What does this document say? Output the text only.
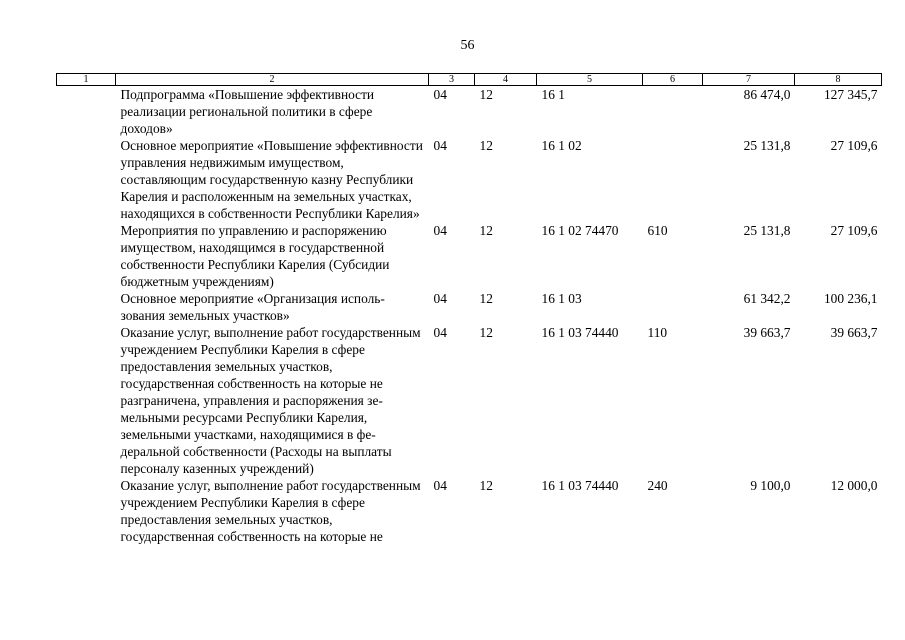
56
1	2	3	4	5	6	7	8
	Подпрограмма «Повышение эффективности реализации региональной политики в сфере доходов»	04	12	16 1		86 474,0	127 345,7
	Основное мероприятие «Повышение эффективности управления недвижимым имуществом, составляющим государственную казну Республики Карелия и расположенным на земельных участках, находящихся в собственности Республики Карелия»	04	12	16 1 02		25 131,8	27 109,6
	Мероприятия по управлению и распоряжению имуществом, находящимся в государственной собственности Республики Карелия (Субсидии бюджетным учреждениям)	04	12	16 1 02 74470	610	25 131,8	27 109,6
	Основное мероприятие «Организация использования земельных участков»	04	12	16 1 03		61 342,2	100 236,1
	Оказание услуг, выполнение работ государственным учреждением Республики Карелия в сфере предоставления земельных участков, государственная собственность на которые не разграничена, управления и распоряжения земельными ресурсами Республики Карелия, земельными участками, находящимися в федеральной собственности (Расходы на выплаты персоналу казенных учреждений)	04	12	16 1 03 74440	110	39 663,7	39 663,7
	Оказание услуг, выполнение работ государственным учреждением Республики Карелия в сфере предоставления земельных участков, государственная собственность на которые не	04	12	16 1 03 74440	240	9 100,0	12 000,0
